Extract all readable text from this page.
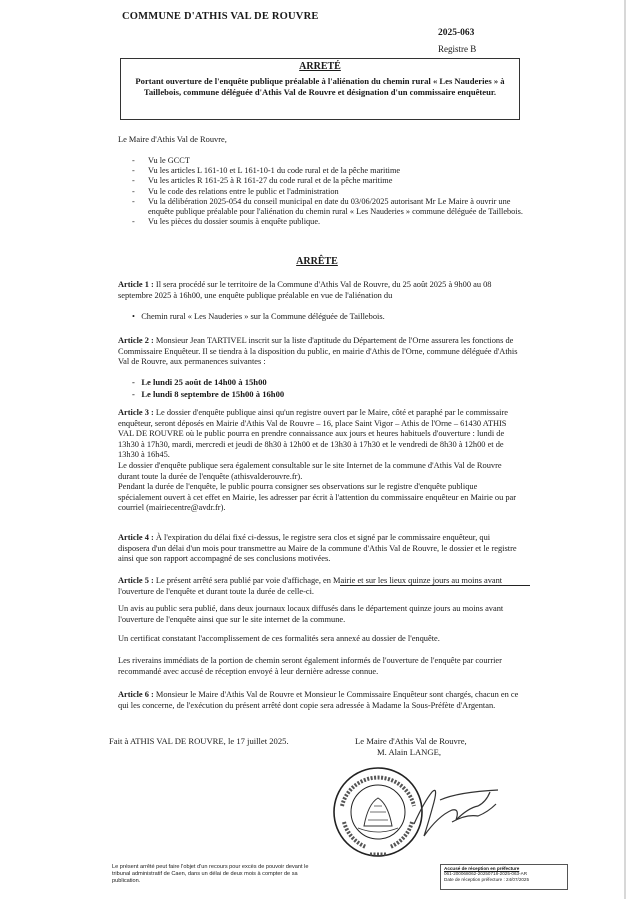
COMMUNE D'ATHIS VAL DE ROUVRE
2025-063
Registre B
ARRETÉ
Portant ouverture de l'enquête publique préalable à l'aliénation du chemin rural « Les Nauderies » à Taillebois, commune déléguée d'Athis Val de Rouvre et désignation d'un commissaire enquêteur.
Le Maire d'Athis Val de Rouvre,
- Vu le GCCT
- Vu les articles L 161-10 et L 161-10-1 du code rural et de la pêche maritime
- Vu les articles R 161-25 à R 161-27 du code rural et de la pêche maritime
- Vu le code des relations entre le public et l'administration
- Vu la délibération 2025-054 du conseil municipal en date du 03/06/2025 autorisant Mr Le Maire à ouvrir une enquête publique préalable pour l'aliénation du chemin rural « Les Nauderies » commune déléguée de Taillebois.
- Vu les pièces du dossier soumis à enquête publique.
ARRÊTE
Article 1 : Il sera procédé sur le territoire de la Commune d'Athis Val de Rouvre, du 25 août 2025 à 9h00 au 08 septembre 2025 à 16h00, une enquête publique préalable en vue de l'aliénation du
•   Chemin rural « Les Nauderies » sur la Commune déléguée de Taillebois.
Article 2 : Monsieur Jean TARTIVEL inscrit sur la liste d'aptitude du Département de l'Orne assurera les fonctions de Commissaire Enquêteur. Il se tiendra à la disposition du public, en mairie d'Athis de l'Orne, commune déléguée d'Athis Val de Rouvre, aux permanences suivantes :
-   Le lundi 25 août de 14h00 à 15h00
-   Le lundi 8 septembre de 15h00 à 16h00
Article 3 : Le dossier d'enquête publique ainsi qu'un registre ouvert par le Maire, côté et paraphé par le commissaire enquêteur, seront déposés en Mairie d'Athis Val de Rouvre – 16, place Saint Vigor – Athis de l'Orne – 61430 ATHIS VAL DE ROUVRE où le public pourra en prendre connaissance aux jours et heures habituels d'ouverture : lundi de 13h30 à 17h30, mardi, mercredi et jeudi de 8h30 à 12h00 et de 13h30 à 17h30 et le vendredi de 8h30 à 12h00 et de 13h30 à 16h45.
Le dossier d'enquête publique sera également consultable sur le site Internet de la commune d'Athis Val de Rouvre durant toute la durée de l'enquête (athisvalderouvre.fr).
Pendant la durée de l'enquête, le public pourra consigner ses observations sur le registre d'enquête publique spécialement ouvert à cet effet en Mairie, les adresser par écrit à l'attention du commissaire enquêteur en Mairie ou par courriel (mairiecentre@avdr.fr).
Article 4 : À l'expiration du délai fixé ci-dessus, le registre sera clos et signé par le commissaire enquêteur, qui disposera d'un délai d'un mois pour transmettre au Maire de la commune d'Athis Val de Rouvre, le dossier et le registre ainsi que son rapport accompagné de ses conclusions motivées.
Article 5 : Le présent arrêté sera publié par voie d'affichage, en Mairie et sur les lieux quinze jours au moins avant l'ouverture de l'enquête et durant toute la durée de celle-ci.
Un avis au public sera publié, dans deux journaux locaux diffusés dans le département quinze jours au moins avant l'ouverture de l'enquête ainsi que sur le site internet de la commune.
Un certificat constatant l'accomplissement de ces formalités sera annexé au dossier de l'enquête.
Les riverains immédiats de la portion de chemin seront également informés de l'ouverture de l'enquête par courrier recommandé avec accusé de réception envoyé à leur dernière adresse connue.
Article 6 : Monsieur le Maire d'Athis Val de Rouvre et Monsieur le Commissaire Enquêteur sont chargés, chacun en ce qui les concerne, de l'exécution du présent arrêté dont copie sera adressée à Madame la Sous-Préfète d'Argentan.
Fait à ATHIS VAL DE ROUVRE, le 17 juillet 2025.	Le Maire d'Athis Val de Rouvre,
M. Alain LANGE,
Le présent arrêté peut faire l'objet d'un recours pour excès de pouvoir devant le tribunal administratif de Caen, dans un délai de deux mois à compter de sa publication.
Accusé de réception en préfecture
061-200068062-20250718-2025-063-AR
Date de réception préfecture : 24/07/2025
